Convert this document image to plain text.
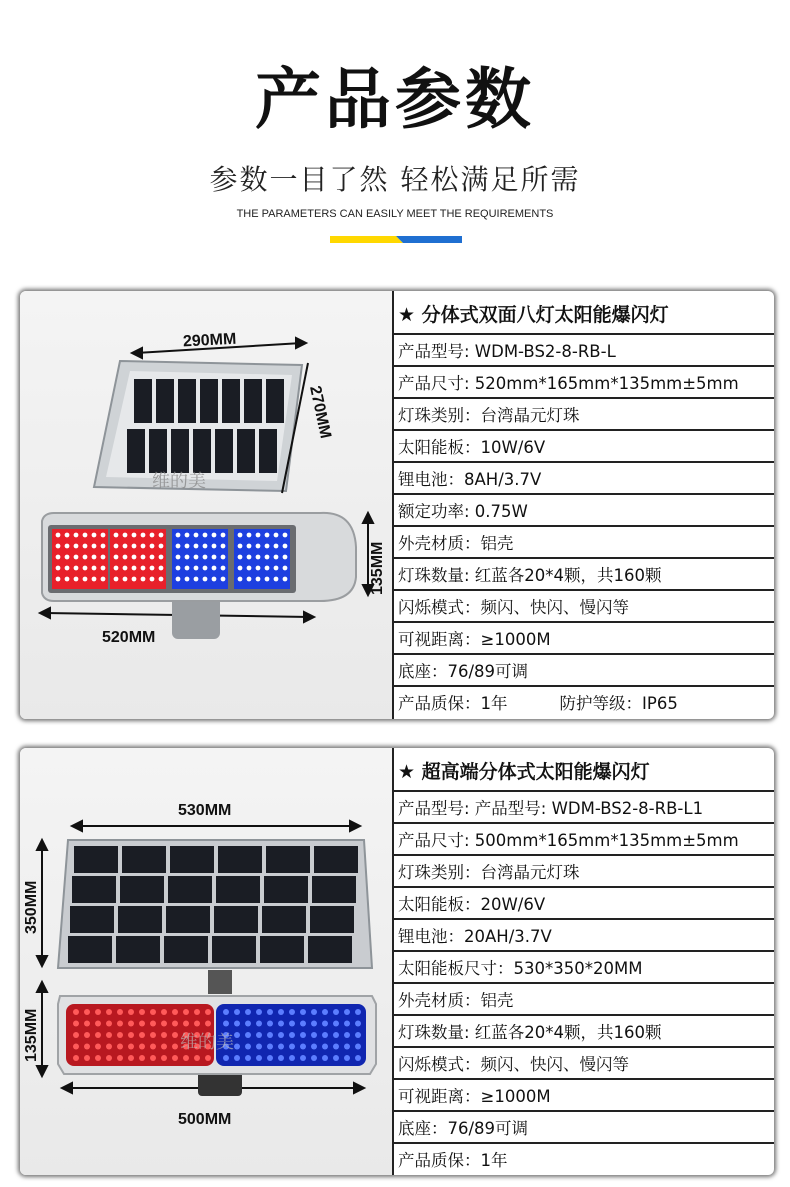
产品参数
参数一目了然 轻松满足所需
THE PARAMETERS CAN EASILY MEET THE REQUIREMENTS
290MM
270MM
135MM
520MM
维的美
★ 分体式双面八灯太阳能爆闪灯
产品型号: WDM-BS2-8-RB-L
产品尺寸: 520mm*165mm*135mm±5mm
灯珠类别：台湾晶元灯珠
太阳能板：10W/6V
锂电池：8AH/3.7V
额定功率: 0.75W
外壳材质：铝壳
灯珠数量: 红蓝各20*4颗，共160颗
闪烁模式：频闪、快闪、慢闪等
可视距离：≥1000M
底座：76/89可调
产品质保：1年	防护等级：IP65
530MM
350MM
135MM
500MM
维的美
★ 超高端分体式太阳能爆闪灯
产品型号: 产品型号: WDM-BS2-8-RB-L1
产品尺寸: 500mm*165mm*135mm±5mm
灯珠类别：台湾晶元灯珠
太阳能板：20W/6V
锂电池：20AH/3.7V
太阳能板尺寸：530*350*20MM
外壳材质：铝壳
灯珠数量: 红蓝各20*4颗，共160颗
闪烁模式：频闪、快闪、慢闪等
可视距离：≥1000M
底座：76/89可调
产品质保：1年
